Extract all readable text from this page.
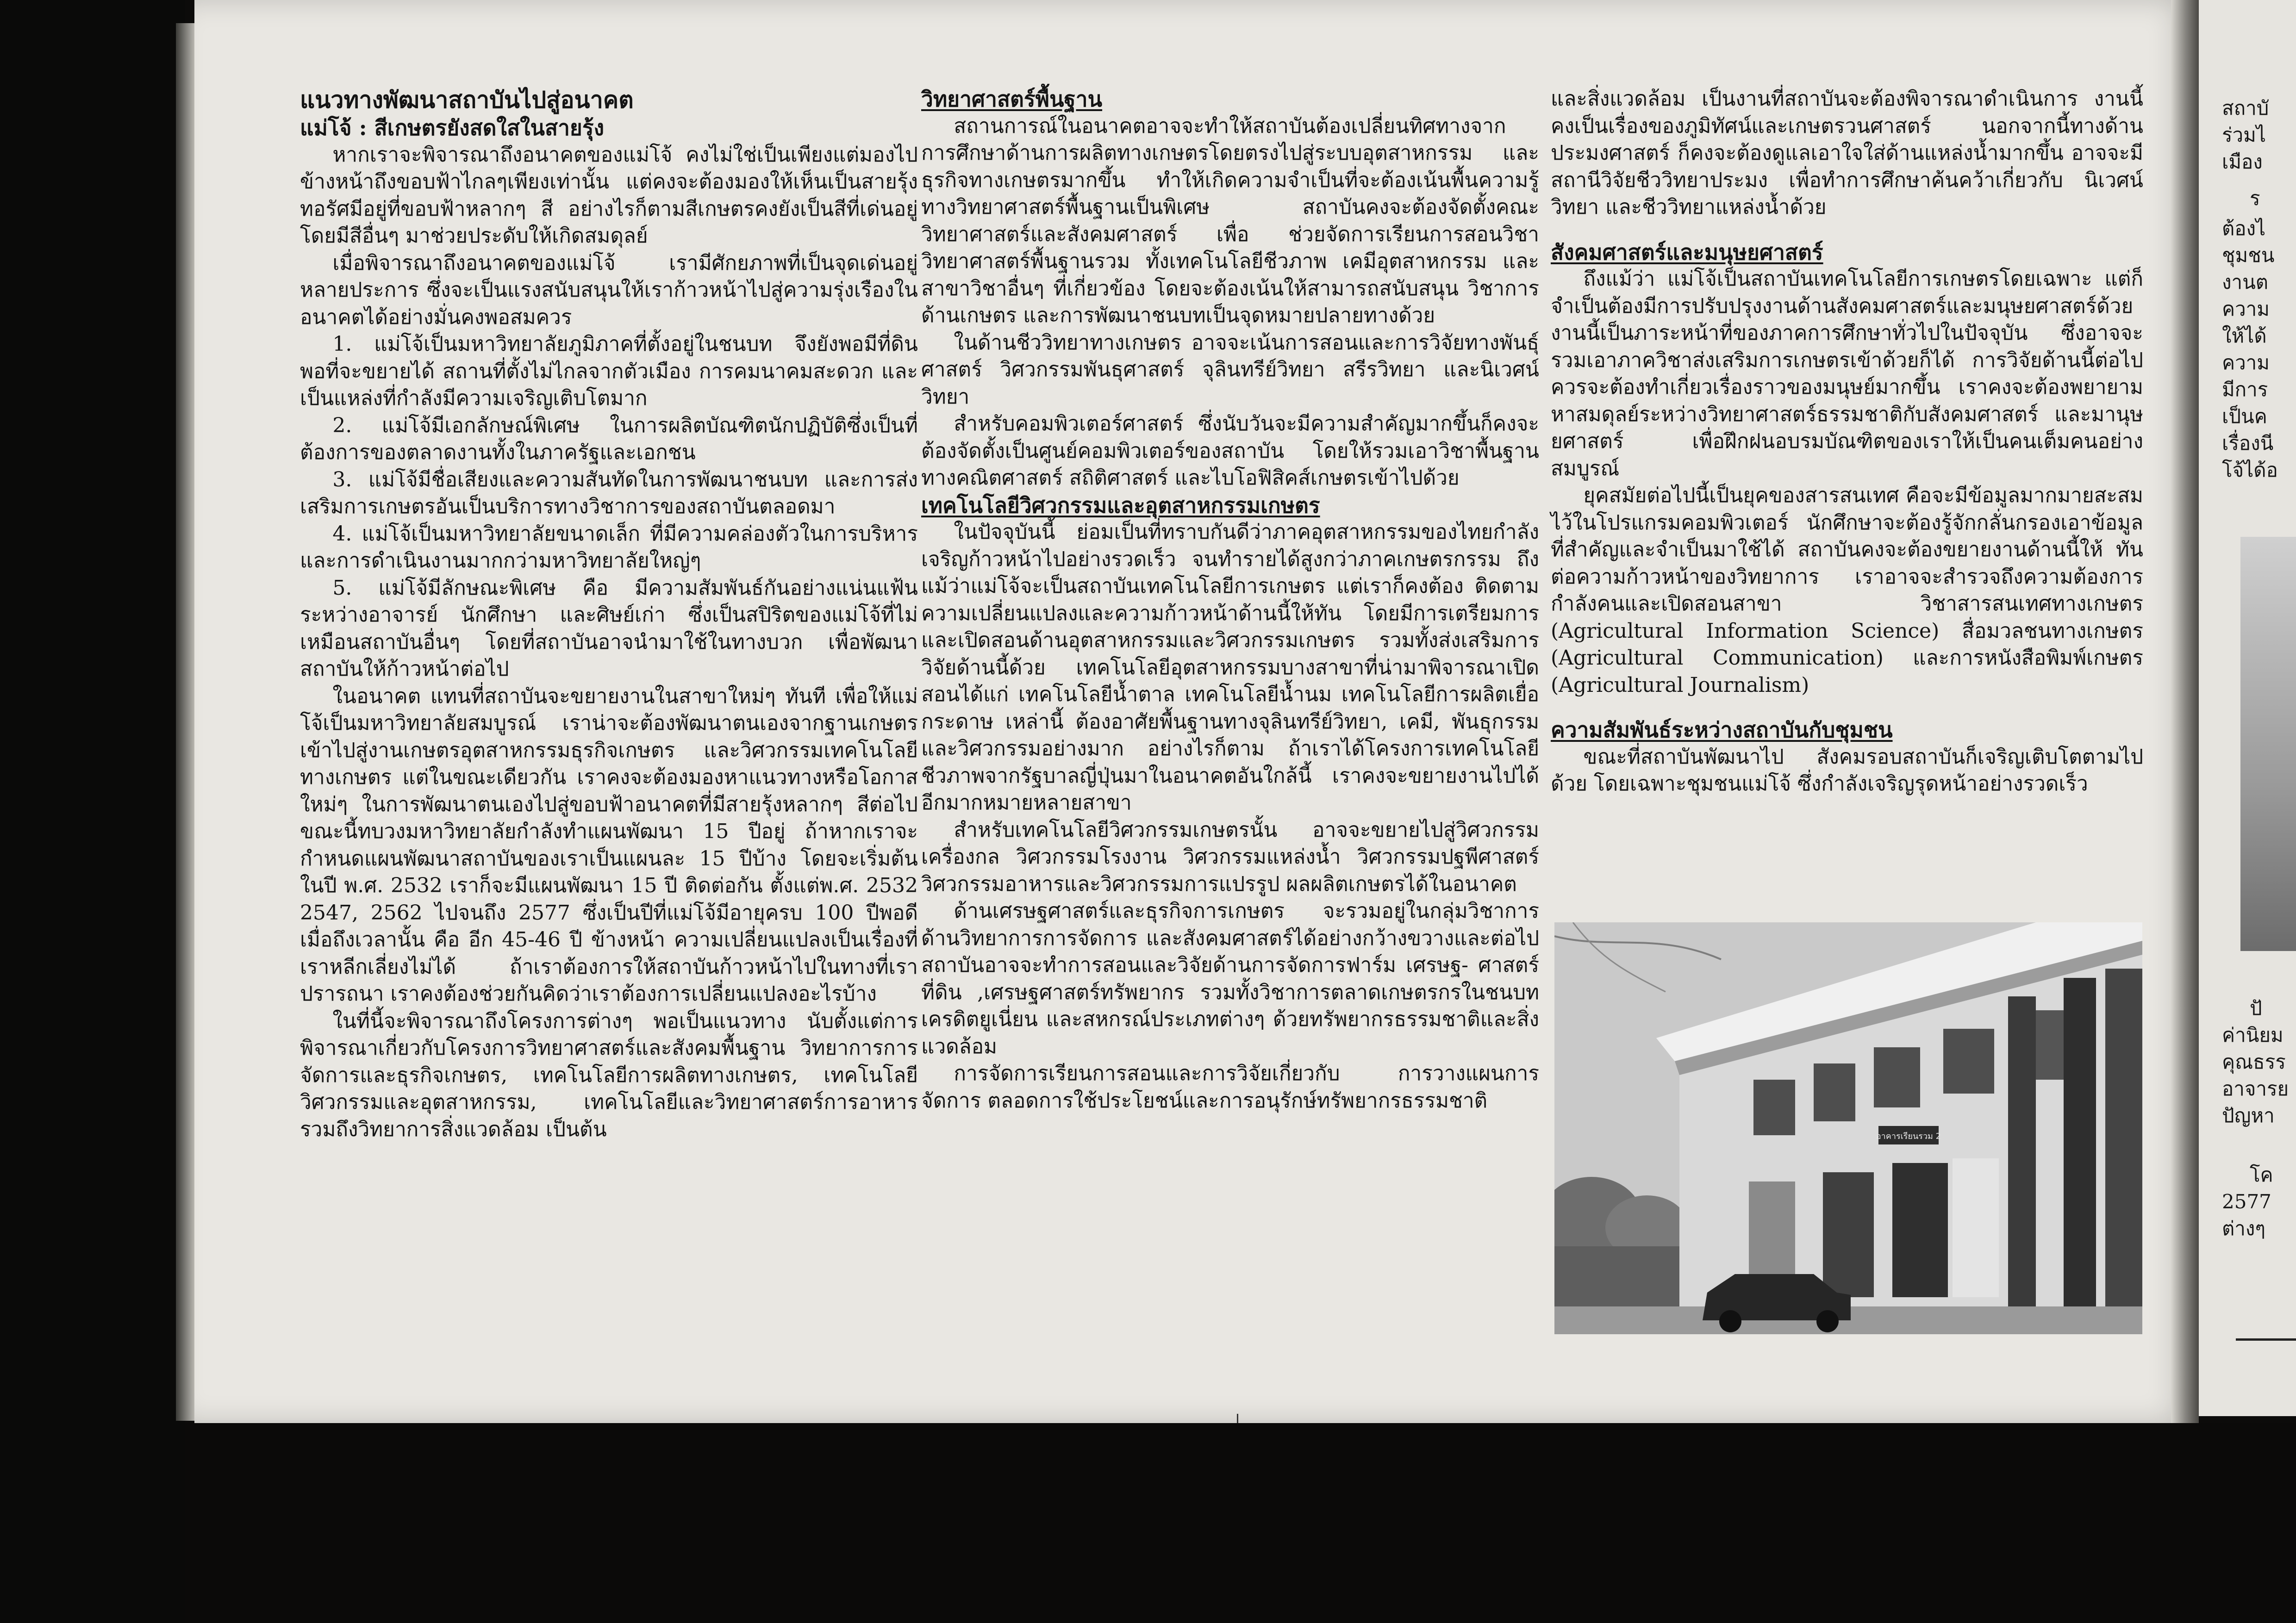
แนวทางพัฒนาสถาบันไปสู่อนาคต
แม่โจ้ : สีเกษตรยังสดใสในสายรุ้ง

หากเราจะพิจารณาถึงอนาคตของแม่โจ้ คงไม่ใช่เป็นเพียงแต่มองไปข้างหน้าถึงขอบฟ้าไกลๆเพียงเท่านั้น แต่คงจะต้องมองให้เห็นเป็นสายรุ้งทอรัศมีอยู่ที่ขอบฟ้าหลากๆ สี อย่างไรก็ตามสีเกษตรคงยังเป็นสีที่เด่นอยู่ โดยมีสีอื่นๆ มาช่วยประดับให้เกิดสมดุลย์

เมื่อพิจารณาถึงอนาคตของแม่โจ้ เรามีศักยภาพที่เป็นจุดเด่นอยู่หลายประการ ซึ่งจะเป็นแรงสนับสนุนให้เราก้าวหน้าไปสู่ความรุ่งเรืองในอนาคตได้อย่างมั่นคงพอสมควร

1. แม่โจ้เป็นมหาวิทยาลัยภูมิภาคที่ตั้งอยู่ในชนบท จึงยังพอมีที่ดินพอที่จะขยายได้ สถานที่ตั้งไม่ไกลจากตัวเมือง การคมนาคมสะดวก และเป็นแหล่งที่กำลังมีความเจริญเติบโตมาก

2. แม่โจ้มีเอกลักษณ์พิเศษ ในการผลิตบัณฑิตนักปฏิบัติซึ่งเป็นที่ต้องการของตลาดงานทั้งในภาครัฐและเอกชน

3. แม่โจ้มีชื่อเสียงและความสันทัดในการพัฒนาชนบท และการส่งเสริมการเกษตรอันเป็นบริการทางวิชาการของสถาบันตลอดมา

4. แม่โจ้เป็นมหาวิทยาลัยขนาดเล็ก ที่มีความคล่องตัวในการบริหารและการดำเนินงานมากกว่ามหาวิทยาลัยใหญ่ๆ

5. แม่โจ้มีลักษณะพิเศษ คือ มีความสัมพันธ์กันอย่างแน่นแฟ้นระหว่างอาจารย์ นักศึกษา และศิษย์เก่า ซึ่งเป็นสปิริตของแม่โจ้ที่ไม่เหมือนสถาบันอื่นๆ โดยที่สถาบันอาจนำมาใช้ในทางบวก เพื่อพัฒนา สถาบันให้ก้าวหน้าต่อไป

ในอนาคต แทนที่สถาบันจะขยายงานในสาขาใหม่ๆ ทันที เพื่อให้แม่โจ้เป็นมหาวิทยาลัยสมบูรณ์ เราน่าจะต้องพัฒนาตนเองจากฐานเกษตรเข้าไปสู่งานเกษตรอุตสาหกรรมธุรกิจเกษตร และวิศวกรรมเทคโนโลยีทางเกษตร แต่ในขณะเดียวกัน เราคงจะต้องมองหาแนวทางหรือโอกาสใหม่ๆ ในการพัฒนาตนเองไปสู่ขอบฟ้าอนาคตที่มีสายรุ้งหลากๆ สีต่อไป ขณะนี้ทบวงมหาวิทยาลัยกำลังทำแผนพัฒนา 15 ปีอยู่ ถ้าหากเราจะกำหนดแผนพัฒนาสถาบันของเราเป็นแผนละ 15 ปีบ้าง โดยจะเริ่มต้นในปี พ.ศ. 2532 เราก็จะมีแผนพัฒนา 15 ปี ติดต่อกัน ตั้งแต่พ.ศ. 2532 2547, 2562 ไปจนถึง 2577 ซึ่งเป็นปีที่แม่โจ้มีอายุครบ 100 ปีพอดี เมื่อถึงเวลานั้น คือ อีก 45-46 ปี ข้างหน้า ความเปลี่ยนแปลงเป็นเรื่องที่เราหลีกเลี่ยงไม่ได้ ถ้าเราต้องการให้สถาบันก้าวหน้าไปในทางที่เราปรารถนา เราคงต้องช่วยกันคิดว่าเราต้องการเปลี่ยนแปลงอะไรบ้าง

ในที่นี้จะพิจารณาถึงโครงการต่างๆ พอเป็นแนวทาง นับตั้งแต่การพิจารณาเกี่ยวกับโครงการวิทยาศาสตร์และสังคมพื้นฐาน วิทยาการการจัดการและธุรกิจเกษตร, เทคโนโลยีการผลิตทางเกษตร, เทคโนโลยีวิศวกรรมและอุตสาหกรรม, เทคโนโลยีและวิทยาศาสตร์การอาหาร รวมถึงวิทยาการสิ่งแวดล้อม เป็นต้น

วิทยาศาสตร์พื้นฐาน

สถานการณ์ในอนาคตอาจจะทำให้สถาบันต้องเปลี่ยนทิศทางจากการศึกษาด้านการผลิตทางเกษตรโดยตรงไปสู่ระบบอุตสาหกรรม และธุรกิจทางเกษตรมากขึ้น ทำให้เกิดความจำเป็นที่จะต้องเน้นพื้นความรู้ทางวิทยาศาสตร์พื้นฐานเป็นพิเศษ สถาบันคงจะต้องจัดตั้งคณะวิทยาศาสตร์และสังคมศาสตร์ เพื่อ ช่วยจัดการเรียนการสอนวิชาวิทยาศาสตร์พื้นฐานรวม ทั้งเทคโนโลยีชีวภาพ เคมีอุตสาหกรรม และสาขาวิชาอื่นๆ ที่เกี่ยวข้อง โดยจะต้องเน้นให้สามารถสนับสนุน วิชาการด้านเกษตร และการพัฒนาชนบทเป็นจุดหมายปลายทางด้วย

ในด้านชีววิทยาทางเกษตร อาจจะเน้นการสอนและการวิจัยทางพันธุ์ศาสตร์ วิศวกรรมพันธุศาสตร์ จุลินทรีย์วิทยา สรีรวิทยา และนิเวศน์วิทยา

สำหรับคอมพิวเตอร์ศาสตร์ ซึ่งนับวันจะมีความสำคัญมากขึ้นก็คงจะต้องจัดตั้งเป็นศูนย์คอมพิวเตอร์ของสถาบัน โดยให้รวมเอาวิชาพื้นฐานทางคณิตศาสตร์ สถิติศาสตร์ และไบโอฟิสิคส์เกษตรเข้าไปด้วย

เทคโนโลยีวิศวกรรมและอุตสาหกรรมเกษตร

ในปัจจุบันนี้ ย่อมเป็นที่ทราบกันดีว่าภาคอุตสาหกรรมของไทยกำลังเจริญก้าวหน้าไปอย่างรวดเร็ว จนทำรายได้สูงกว่าภาคเกษตรกรรม ถึงแม้ว่าแม่โจ้จะเป็นสถาบันเทคโนโลยีการเกษตร แต่เราก็คงต้อง ติดตามความเปลี่ยนแปลงและความก้าวหน้าด้านนี้ให้ทัน โดยมีการเตรียมการและเปิดสอนด้านอุตสาหกรรมและวิศวกรรมเกษตร รวมทั้งส่งเสริมการวิจัยด้านนี้ด้วย เทคโนโลยีอุตสาหกรรมบางสาขาที่น่ามาพิจารณาเปิดสอนได้แก่ เทคโนโลยีน้ำตาล เทคโนโลยีน้ำนม เทคโนโลยีการผลิตเยื่อกระดาษ เหล่านี้ ต้องอาศัยพื้นฐานทางจุลินทรีย์วิทยา, เคมี, พันธุกรรม และวิศวกรรมอย่างมาก อย่างไรก็ตาม ถ้าเราได้โครงการเทคโนโลยีชีวภาพจากรัฐบาลญี่ปุ่นมาในอนาคตอันใกล้นี้ เราคงจะขยายงานไปได้อีกมากหมายหลายสาขา

สำหรับเทคโนโลยีวิศวกรรมเกษตรนั้น อาจจะขยายไปสู่วิศวกรรมเครื่องกล วิศวกรรมโรงงาน วิศวกรรมแหล่งน้ำ วิศวกรรมปฐพีศาสตร์ วิศวกรรมอาหารและวิศวกรรมการแปรรูป ผลผลิตเกษตรได้ในอนาคต

ด้านเศรษฐศาสตร์และธุรกิจการเกษตร จะรวมอยู่ในกลุ่มวิชาการด้านวิทยาการการจัดการ และสังคมศาสตร์ได้อย่างกว้างขวางและต่อไปสถาบันอาจจะทำการสอนและวิจัยด้านการจัดการฟาร์ม เศรษฐ- ศาสตร์ที่ดิน ,เศรษฐศาสตร์ทรัพยากร รวมทั้งวิชาการตลาดเกษตรกรในชนบท เครดิตยูเนี่ยน และสหกรณ์ประเภทต่างๆ ด้วยทรัพยากรธรรมชาติและสิ่งแวดล้อม

การจัดการเรียนการสอนและการวิจัยเกี่ยวกับ การวางแผนการจัดการ ตลอดการใช้ประโยชน์และการอนุรักษ์ทรัพยากรธรรมชาติ

และสิ่งแวดล้อม เป็นงานที่สถาบันจะต้องพิจารณาดำเนินการ งานนี้คงเป็นเรื่องของภูมิทัศน์และเกษตรวนศาสตร์ นอกจากนี้ทางด้านประมงศาสตร์ ก็คงจะต้องดูแลเอาใจใส่ด้านแหล่งน้ำมากขึ้น อาจจะมีสถานีวิจัยชีววิทยาประมง เพื่อทำการศึกษาค้นคว้าเกี่ยวกับ นิเวศน์วิทยา และชีววิทยาแหล่งน้ำด้วย

สังคมศาสตร์และมนุษยศาสตร์

ถึงแม้ว่า แม่โจ้เป็นสถาบันเทคโนโลยีการเกษตรโดยเฉพาะ แต่ก็จำเป็นต้องมีการปรับปรุงงานด้านสังคมศาสตร์และมนุษยศาสตร์ด้วย งานนี้เป็นภาระหน้าที่ของภาคการศึกษาทั่วไปในปัจจุบัน ซึ่งอาจจะรวมเอาภาควิชาส่งเสริมการเกษตรเข้าด้วยก็ได้ การวิจัยด้านนี้ต่อไปควรจะต้องทำเกี่ยวเรื่องราวของมนุษย์มากขึ้น เราคงจะต้องพยายามหาสมดุลย์ระหว่างวิทยาศาสตร์ธรรมชาติกับสังคมศาสตร์ และมานุษยศาสตร์ เพื่อฝึกฝนอบรมบัณฑิตของเราให้เป็นคนเต็มคนอย่างสมบูรณ์

ยุคสมัยต่อไปนี้เป็นยุคของสารสนเทศ คือจะมีข้อมูลมากมายสะสมไว้ในโปรแกรมคอมพิวเตอร์ นักศึกษาจะต้องรู้จักกลั่นกรองเอาข้อมูลที่สำคัญและจำเป็นมาใช้ได้ สถาบันคงจะต้องขยายงานด้านนี้ให้ ทันต่อความก้าวหน้าของวิทยาการ เราอาจจะสำรวจถึงความต้องการกำลังคนและเปิดสอนสาขา วิชาสารสนเทศทางเกษตร (Agricultural Information Science) สื่อมวลชนทางเกษตร (Agricultural Communication) และการหนังสือพิมพ์เกษตร (Agricultural Journalism)

ความสัมพันธ์ระหว่างสถาบันกับชุมชน

ขณะที่สถาบันพัฒนาไป สังคมรอบสถาบันก็เจริญเติบโตตามไปด้วย โดยเฉพาะชุมชนแม่โจ้ ซึ่งกำลังเจริญรุดหน้าอย่างรวดเร็ว

อาคารเรียนรวม 2
สถาบั
ร่วมไ
เมือง
ร
ต้องไ
ชุมชน
งานต
ความ
ให้ได้
ความ
มีการ
เป็นค
เรื่องนี
โจ้ได้อ
ปั
ค่านิยม
คุณธรร
อาจารย
ปัญหา
โค
2577
ต่างๆ
